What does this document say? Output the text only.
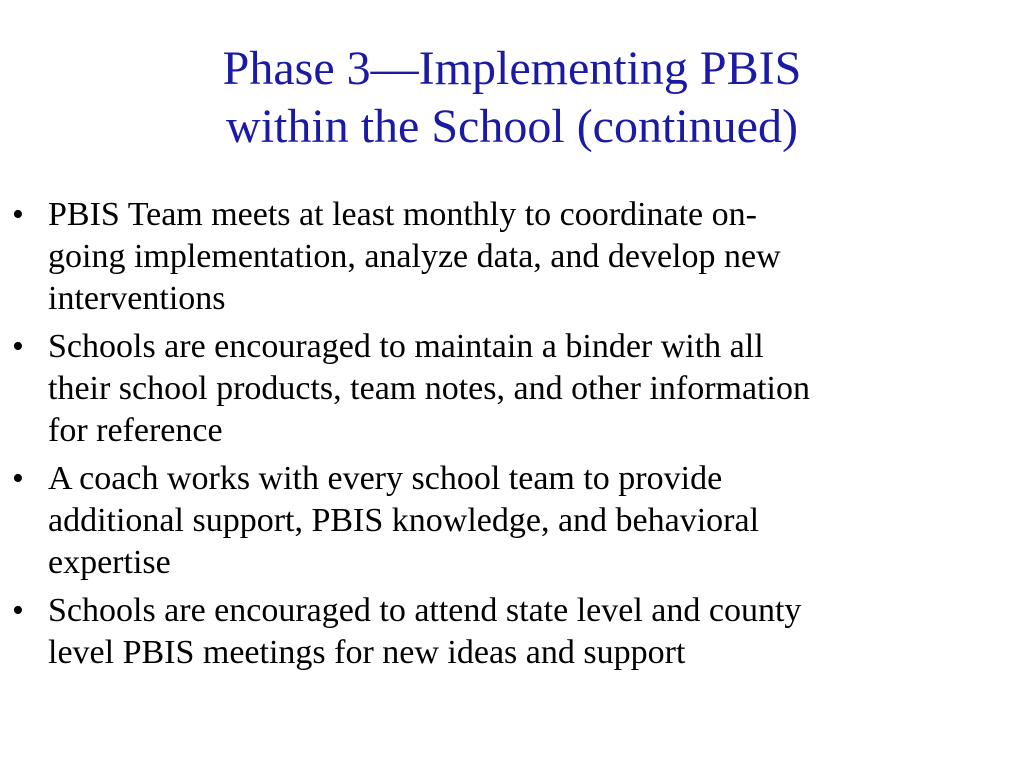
Phase 3—Implementing PBIS
within the School (continued)
• PBIS Team meets at least monthly to coordinate on-
going implementation, analyze data, and develop new
interventions
• Schools are encouraged to maintain a binder with all
their school products, team notes, and other information
for reference
• A coach works with every school team to provide
additional support, PBIS knowledge, and behavioral
expertise
• Schools are encouraged to attend state level and county
level PBIS meetings for new ideas and support
